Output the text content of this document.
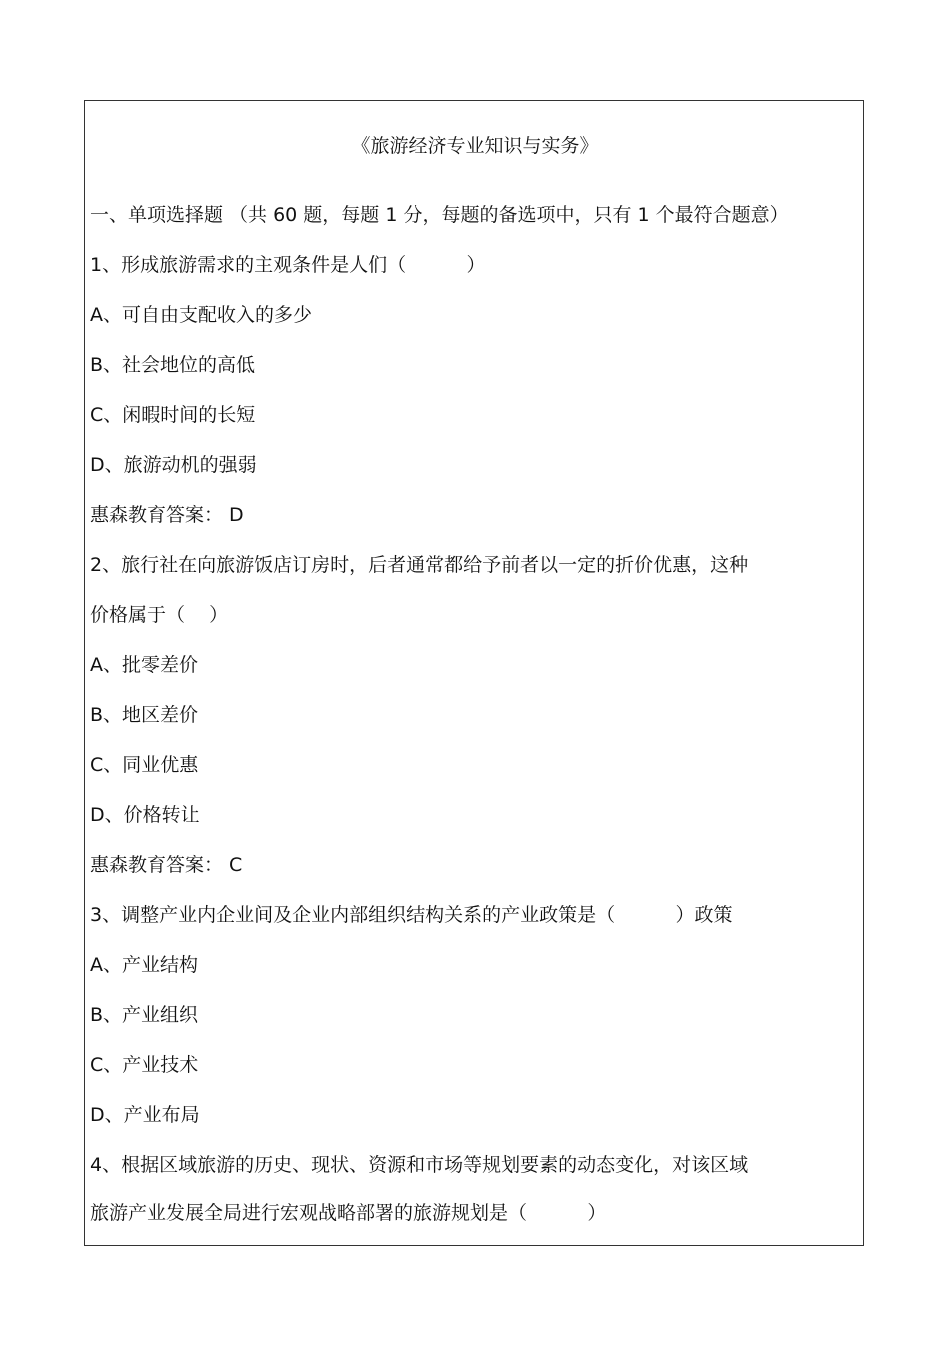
《旅游经济专业知识与实务》
一、单项选择题 （共 60 题，每题 1 分，每题的备选项中，只有 1 个最符合题意）
1、形成旅游需求的主观条件是人们（          ）
A、可自由支配收入的多少
B、社会地位的高低
C、闲暇时间的长短
D、旅游动机的强弱
惠森教育答案： D
2、旅行社在向旅游饭店订房时，后者通常都给予前者以一定的折价优惠，这种
价格属于（    ）
A、批零差价
B、地区差价
C、同业优惠
D、价格转让
惠森教育答案： C
3、调整产业内企业间及企业内部组织结构关系的产业政策是（          ）政策
A、产业结构
B、产业组织
C、产业技术
D、产业布局
4、根据区域旅游的历史、现状、资源和市场等规划要素的动态变化，对该区域
旅游产业发展全局进行宏观战略部署的旅游规划是（          ）
